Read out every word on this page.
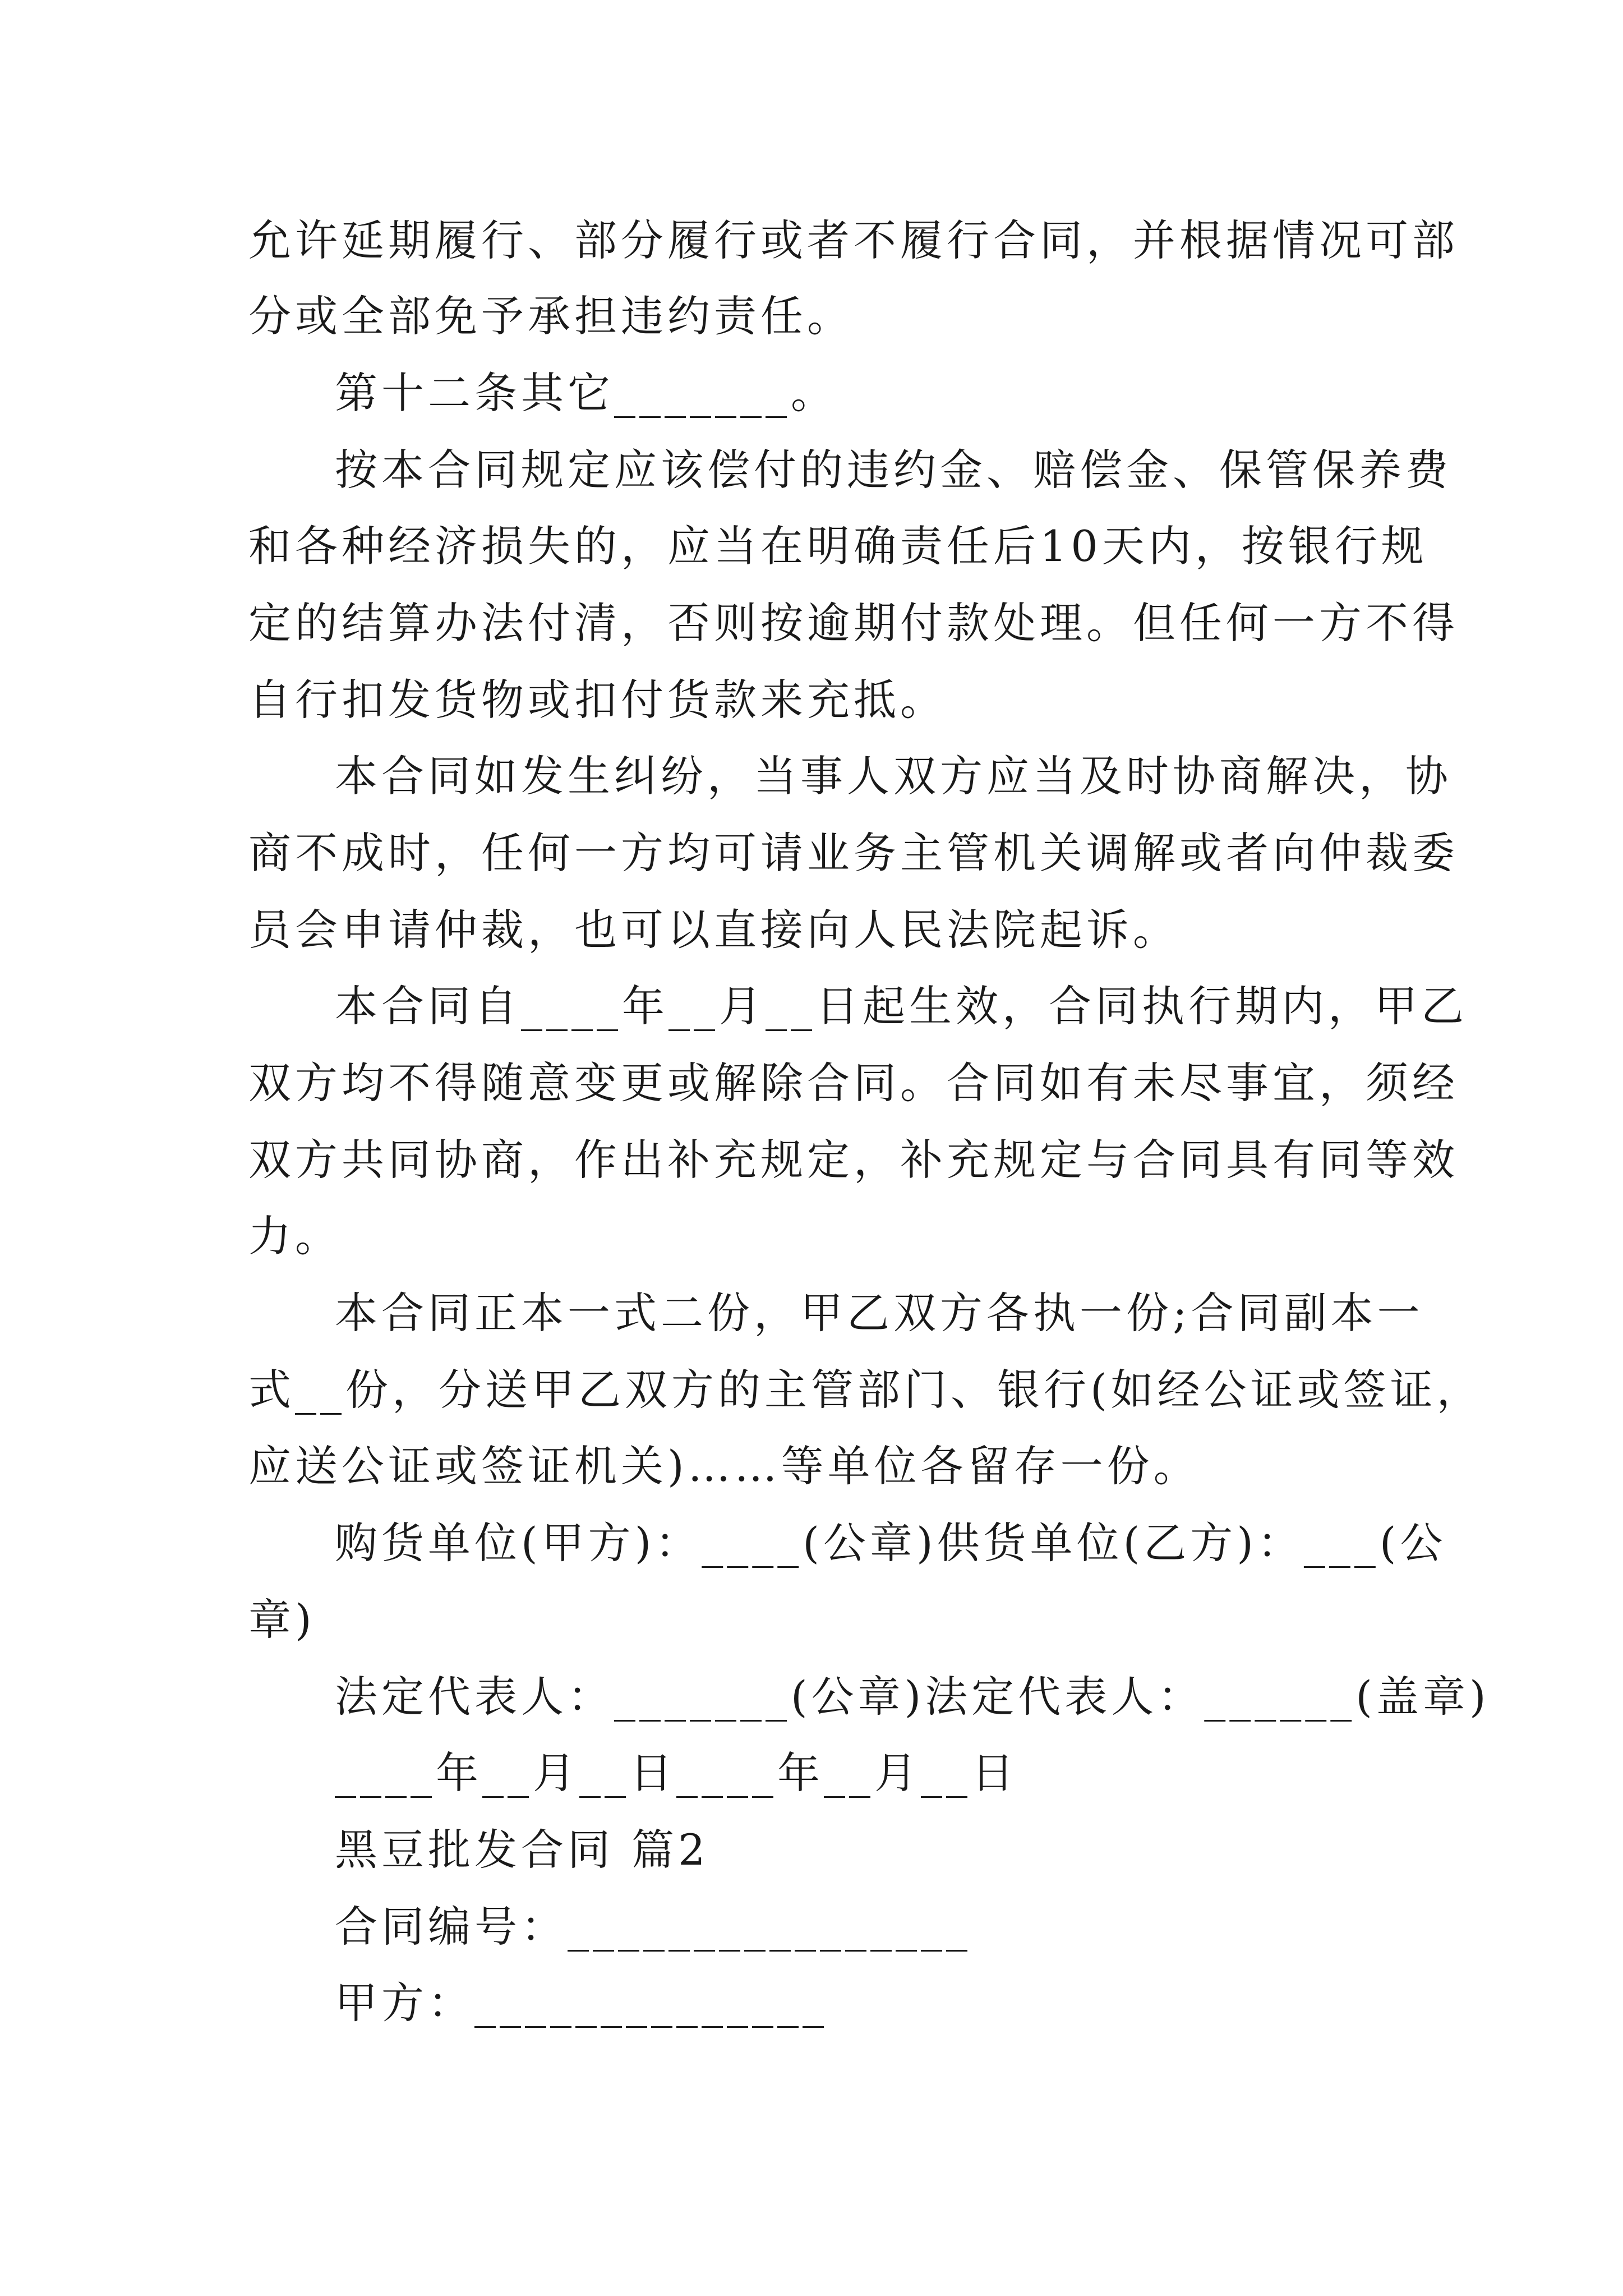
允许延期履行、部分履行或者不履行合同，并根据情况可部
分或全部免予承担违约责任。
第十二条其它_______。
按本合同规定应该偿付的违约金、赔偿金、保管保养费
和各种经济损失的，应当在明确责任后10天内，按银行规
定的结算办法付清，否则按逾期付款处理。但任何一方不得
自行扣发货物或扣付货款来充抵。
本合同如发生纠纷，当事人双方应当及时协商解决，协
商不成时，任何一方均可请业务主管机关调解或者向仲裁委
员会申请仲裁，也可以直接向人民法院起诉。
本合同自____年__月__日起生效，合同执行期内，甲乙
双方均不得随意变更或解除合同。合同如有未尽事宜，须经
双方共同协商，作出补充规定，补充规定与合同具有同等效
力。
本合同正本一式二份，甲乙双方各执一份;合同副本一
式__份，分送甲乙双方的主管部门、银行(如经公证或签证，
应送公证或签证机关)……等单位各留存一份。
购货单位(甲方)：____(公章)供货单位(乙方)：___(公
章)
法定代表人：_______(公章)法定代表人：______(盖章)
____年__月__日____年__月__日
黑豆批发合同 篇2
合同编号：________________
甲方：______________
